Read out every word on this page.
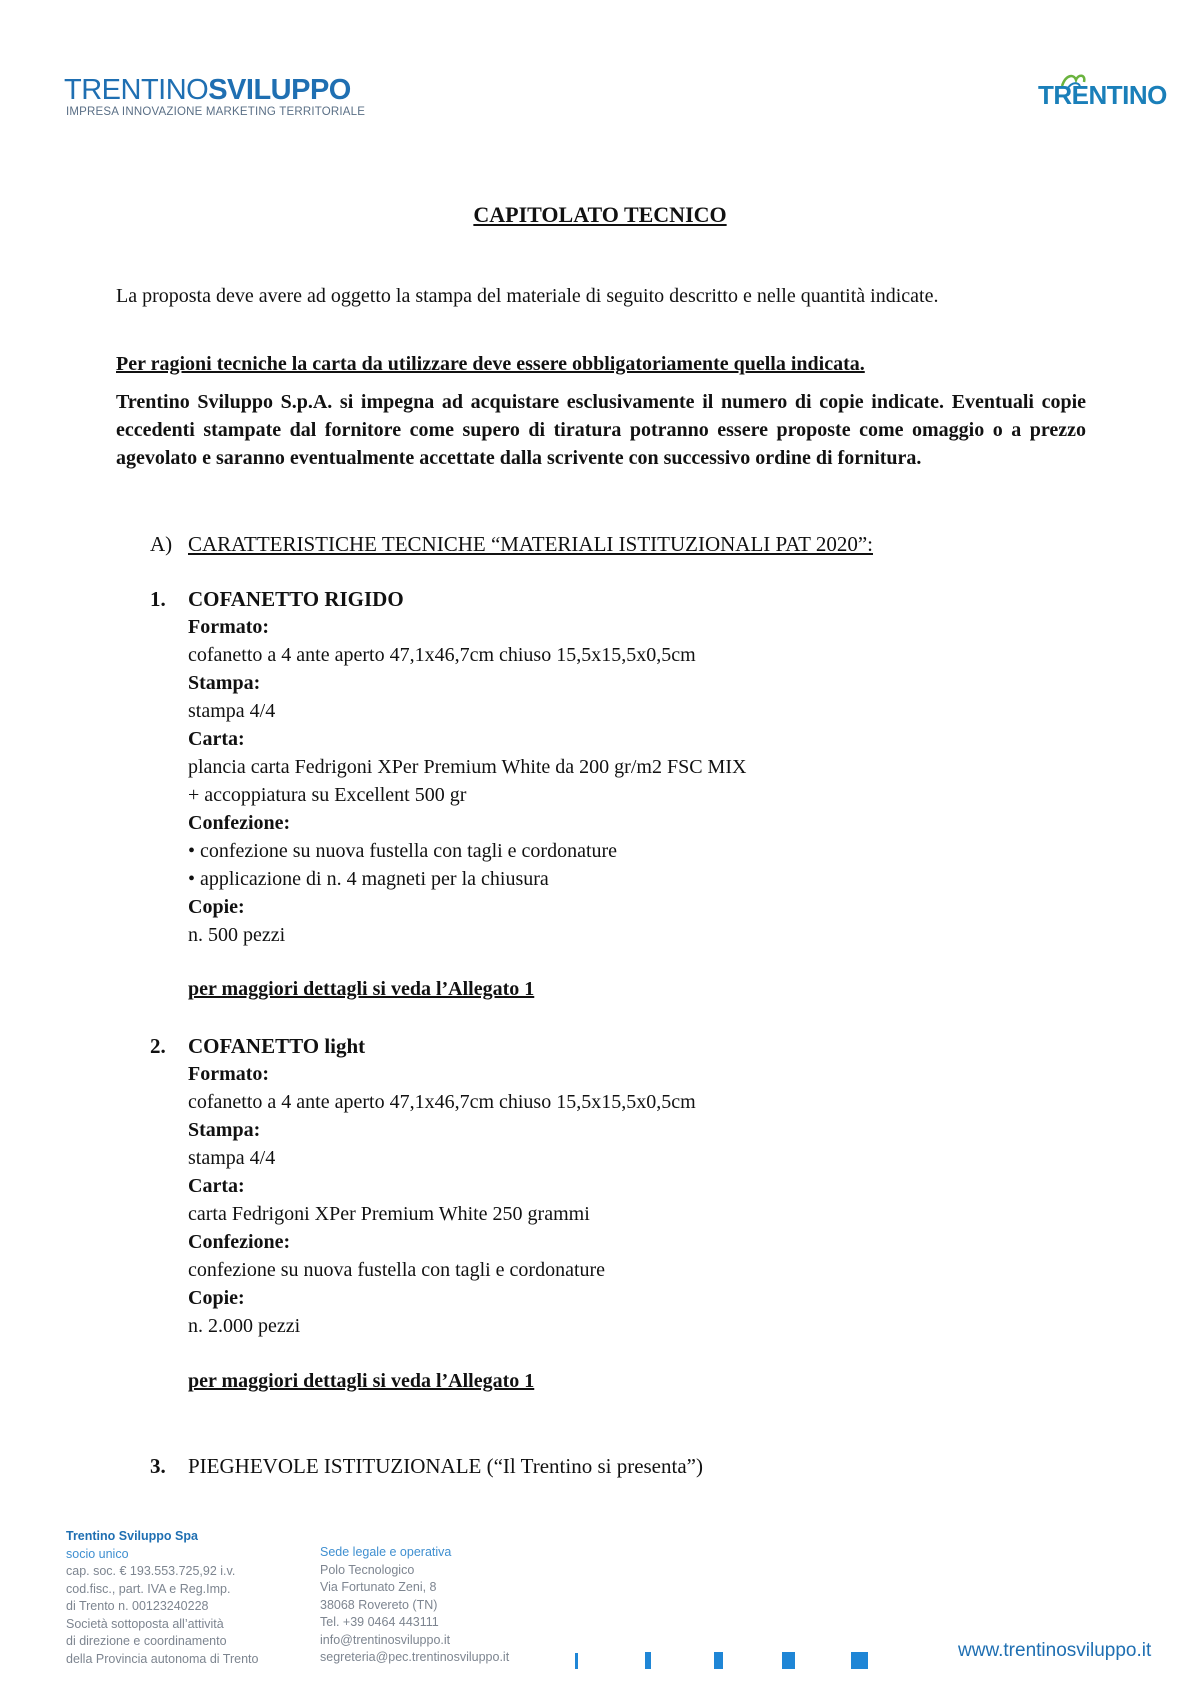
TRENTINOSVILUPPO
IMPRESA INNOVAZIONE MARKETING TERRITORIALE
TRENTINO
CAPITOLATO TECNICO
La proposta deve avere ad oggetto la stampa del materiale di seguito descritto e nelle quantità indicate.
Per ragioni tecniche la carta da utilizzare deve essere obbligatoriamente quella indicata.
Trentino Sviluppo S.p.A. si impegna ad acquistare esclusivamente il numero di copie indicate. Eventuali copie eccedenti stampate dal fornitore come supero di tiratura potranno essere proposte come omaggio o a prezzo agevolato e saranno eventualmente accettate dalla scrivente con successivo ordine di fornitura.
A) CARATTERISTICHE TECNICHE “MATERIALI ISTITUZIONALI PAT 2020”:
1. COFANETTO RIGIDO
Formato:
cofanetto a 4 ante aperto 47,1x46,7cm chiuso 15,5x15,5x0,5cm
Stampa:
stampa 4/4
Carta:
plancia carta Fedrigoni XPer Premium White da 200 gr/m2 FSC MIX
+ accoppiatura su Excellent 500 gr
Confezione:
• confezione su nuova fustella con tagli e cordonature
• applicazione di n. 4 magneti per la chiusura
Copie:
n. 500 pezzi
per maggiori dettagli si veda l’Allegato 1
2. COFANETTO light
Formato:
cofanetto a 4 ante aperto 47,1x46,7cm chiuso 15,5x15,5x0,5cm
Stampa:
stampa 4/4
Carta:
carta Fedrigoni XPer Premium White 250 grammi
Confezione:
confezione su nuova fustella con tagli e cordonature
Copie:
n. 2.000 pezzi
per maggiori dettagli si veda l’Allegato 1
3. PIEGHEVOLE ISTITUZIONALE (“Il Trentino si presenta”)
Trentino Sviluppo Spa
socio unico
cap. soc. € 193.553.725,92 i.v.
cod.fisc., part. IVA e Reg.Imp.
di Trento n. 00123240228
Società sottoposta all’attività
di direzione e coordinamento
della Provincia autonoma di Trento
Sede legale e operativa
Polo Tecnologico
Via Fortunato Zeni, 8
38068 Rovereto (TN)
Tel. +39 0464 443111
info@trentinosviluppo.it
segreteria@pec.trentinosviluppo.it	www.trentinosviluppo.it
